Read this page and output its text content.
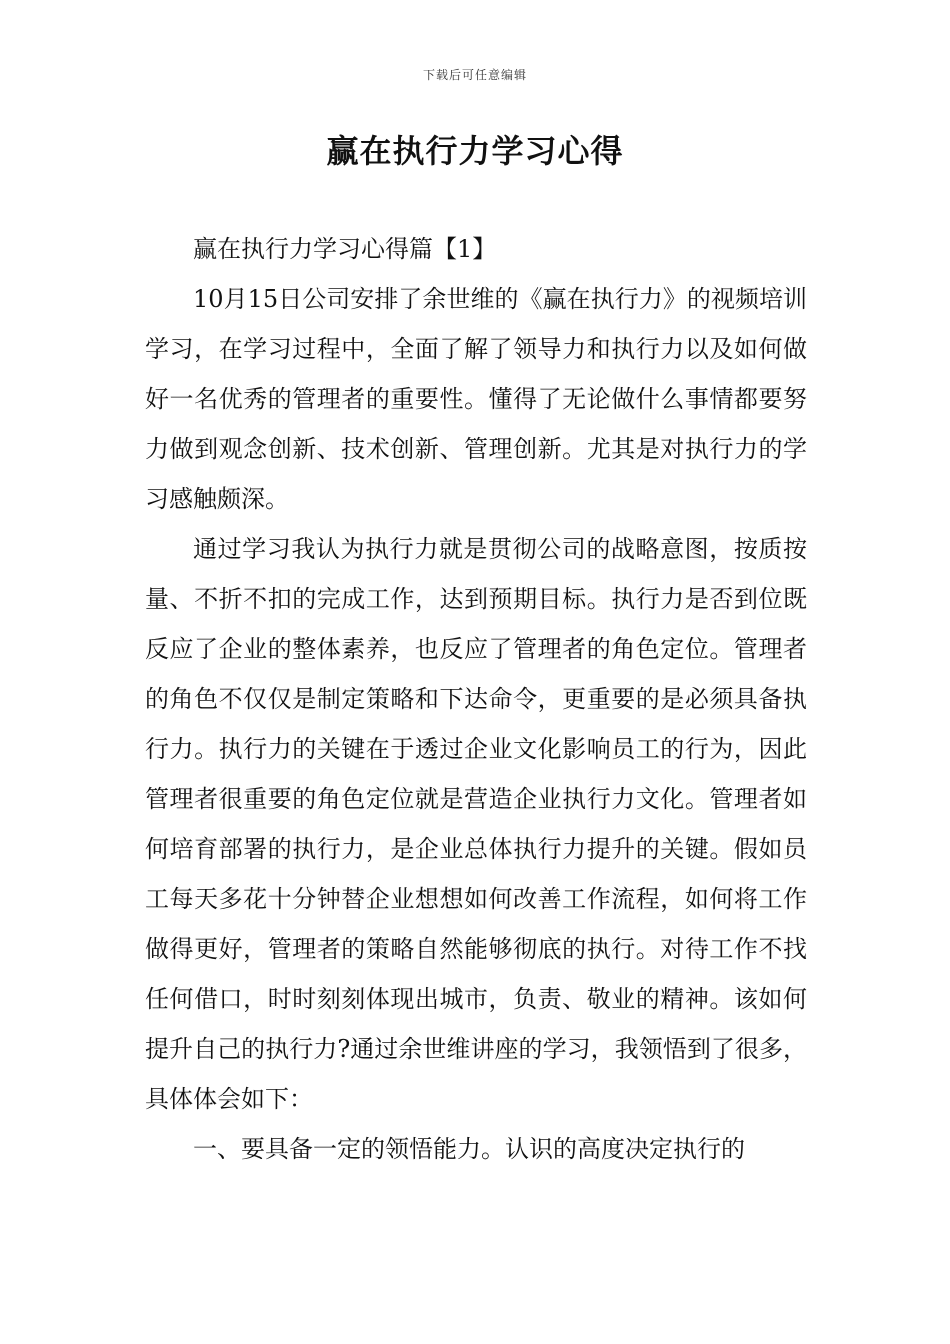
下载后可任意编辑
赢在执行力学习心得

赢在执行力学习心得篇【1】

10月15日公司安排了余世维的《赢在执行力》的视频培训学习，在学习过程中，全面了解了领导力和执行力以及如何做好一名优秀的管理者的重要性。懂得了无论做什么事情都要努力做到观念创新、技术创新、管理创新。尤其是对执行力的学习感触颇深。

通过学习我认为执行力就是贯彻公司的战略意图，按质按量、不折不扣的完成工作，达到预期目标。执行力是否到位既反应了企业的整体素养，也反应了管理者的角色定位。管理者的角色不仅仅是制定策略和下达命令，更重要的是必须具备执行力。执行力的关键在于透过企业文化影响员工的行为，因此管理者很重要的角色定位就是营造企业执行力文化。管理者如何培育部署的执行力，是企业总体执行力提升的关键。假如员工每天多花十分钟替企业想想如何改善工作流程，如何将工作做得更好，管理者的策略自然能够彻底的执行。对待工作不找任何借口，时时刻刻体现出城市，负责、敬业的精神。该如何提升自己的执行力?通过余世维讲座的学习，我领悟到了很多，具体体会如下：

一、要具备一定的领悟能力。认识的高度决定执行的
